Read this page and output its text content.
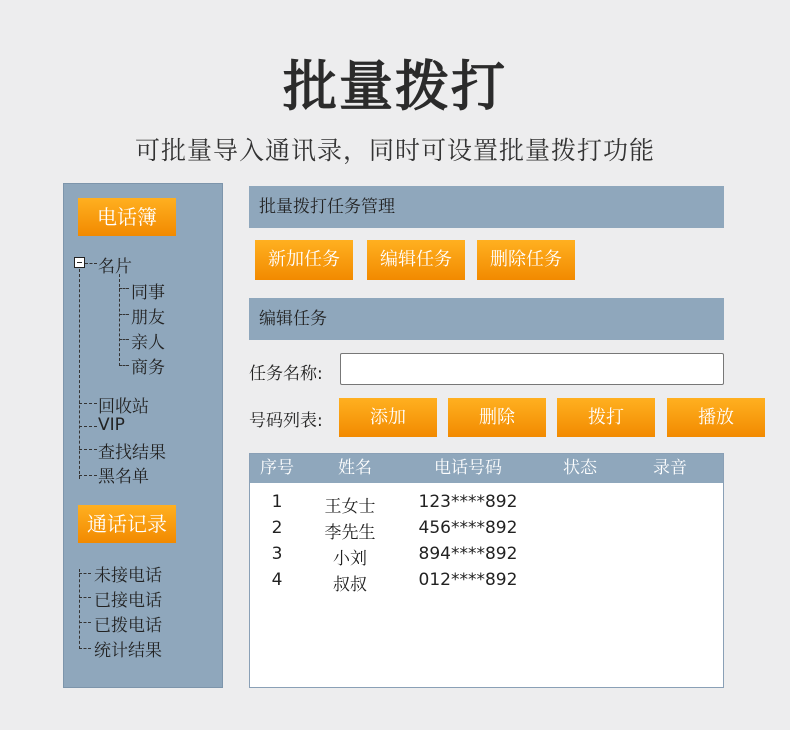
批量拨打
可批量导入通讯录，同时可设置批量拨打功能
电话簿
名片
同事
朋友
亲人
商务
回收站
VIP
查找结果
黑名单
未接电话
已接电话
已拨电话
统计结果
通话记录
批量拨打任务管理
新加任务	编辑任务	删除任务
编辑任务
任务名称:
号码列表:	添加	删除	拨打	播放
序号	姓名	电话号码	状态	录音
1	王女士	123****892
2	李先生	456****892
3	小刘	894****892
4	叔叔	012****892
